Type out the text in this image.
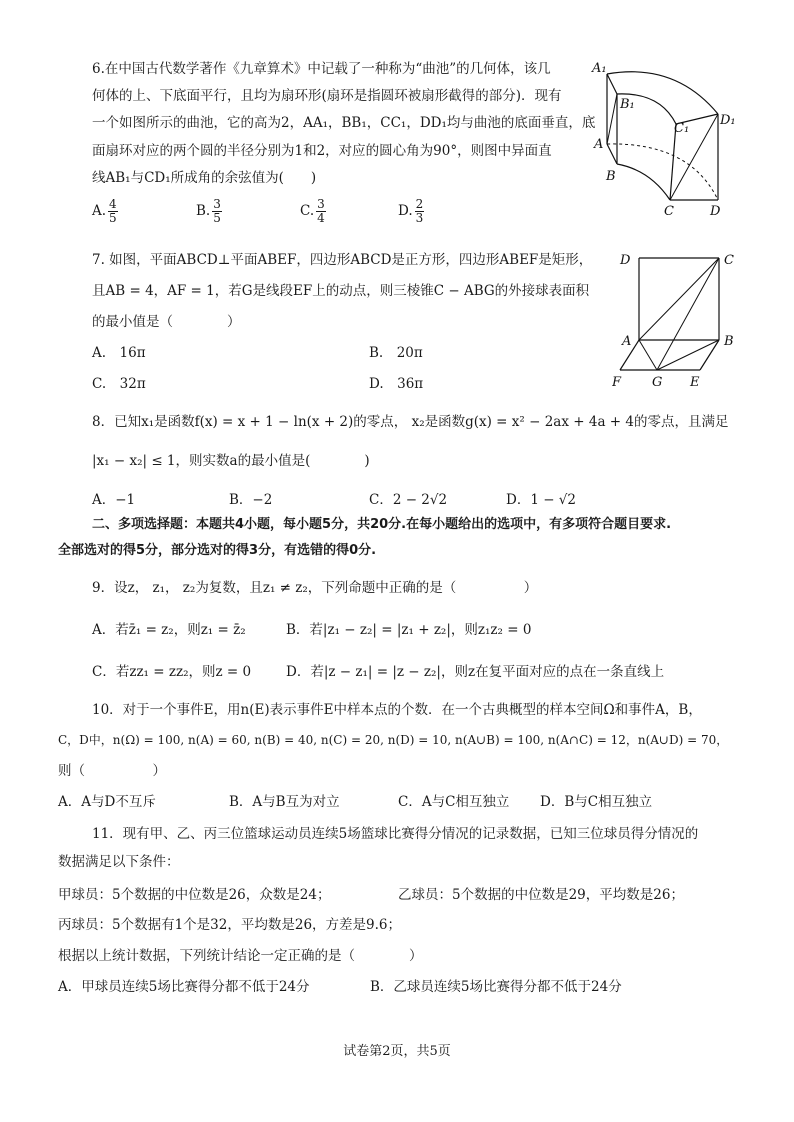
6.在中国古代数学著作《九章算术》中记载了一种称为“曲池”的几何体，该几
何体的上、下底面平行，且均为扇环形(扇环是指圆环被扇形截得的部分)．现有
一个如图所示的曲池，它的高为2，AA₁，BB₁，CC₁，DD₁均与曲池的底面垂直，底
面扇环对应的两个圆的半径分别为1和2，对应的圆心角为90°，则图中异面直
线AB₁与CD₁所成角的余弦值为(　　)
A. $\frac{4}{5}$	B. $\frac{3}{5}$	C. $\frac{3}{4}$	D. $\frac{2}{3}$
A₁
B₁
C₁
D₁
A
B
C	D
7. 如图，平面ABCD⊥平面ABEF，四边形ABCD是正方形，四边形ABEF是矩形，
且AB = 4，AF = 1，若G是线段EF上的动点，则三棱锥C − ABG的外接球表面积
的最小值是（　　　　）
A.　16π	B.　20π
C.　32π	D.　36π
D	C
A	B
F G E
8．已知x₁是函数f(x) = x + 1 − ln(x + 2)的零点， x₂是函数g(x) = x² − 2ax + 4a + 4的零点，且满足
|x₁ − x₂| ≤ 1，则实数a的最小值是(　　　　)
A．−1	B．−2	C．2 − 2√2	D．1 − √2
二、多项选择题：本题共4小题，每小题5分，共20分.在每小题给出的选项中，有多项符合题目要求.
全部选对的得5分，部分选对的得3分，有选错的得0分.
9．设z， z₁， z₂为复数，且z₁ ≠ z₂，下列命题中正确的是（　　　　　）
A．若z̄₁ = z₂，则z₁ = z̄₂	B．若|z₁ − z₂| = |z₁ + z₂|，则z₁z₂ = 0
C．若zz₁ = zz₂，则z = 0	D．若|z − z₁| = |z − z₂|，则z在复平面对应的点在一条直线上
10．对于一个事件E，用n(E)表示事件E中样本点的个数．在一个古典概型的样本空间Ω和事件A，B，
C，D中，n(Ω) = 100, n(A) = 60, n(B) = 40, n(C) = 20, n(D) = 10, n(A∪B) = 100, n(A∩C) = 12，n(A∪D) = 70，
则（　　　　　）
A．A与D不互斥	B．A与B互为对立	C．A与C相互独立 D．B与C相互独立
11．现有甲、乙、丙三位篮球运动员连续5场篮球比赛得分情况的记录数据，已知三位球员得分情况的
数据满足以下条件：
甲球员：5个数据的中位数是26，众数是24；	乙球员：5个数据的中位数是29，平均数是26；
丙球员：5个数据有1个是32，平均数是26，方差是9.6；
根据以上统计数据，下列统计结论一定正确的是（　　　　）
A．甲球员连续5场比赛得分都不低于24分	B．乙球员连续5场比赛得分都不低于24分
试卷第2页，共5页
